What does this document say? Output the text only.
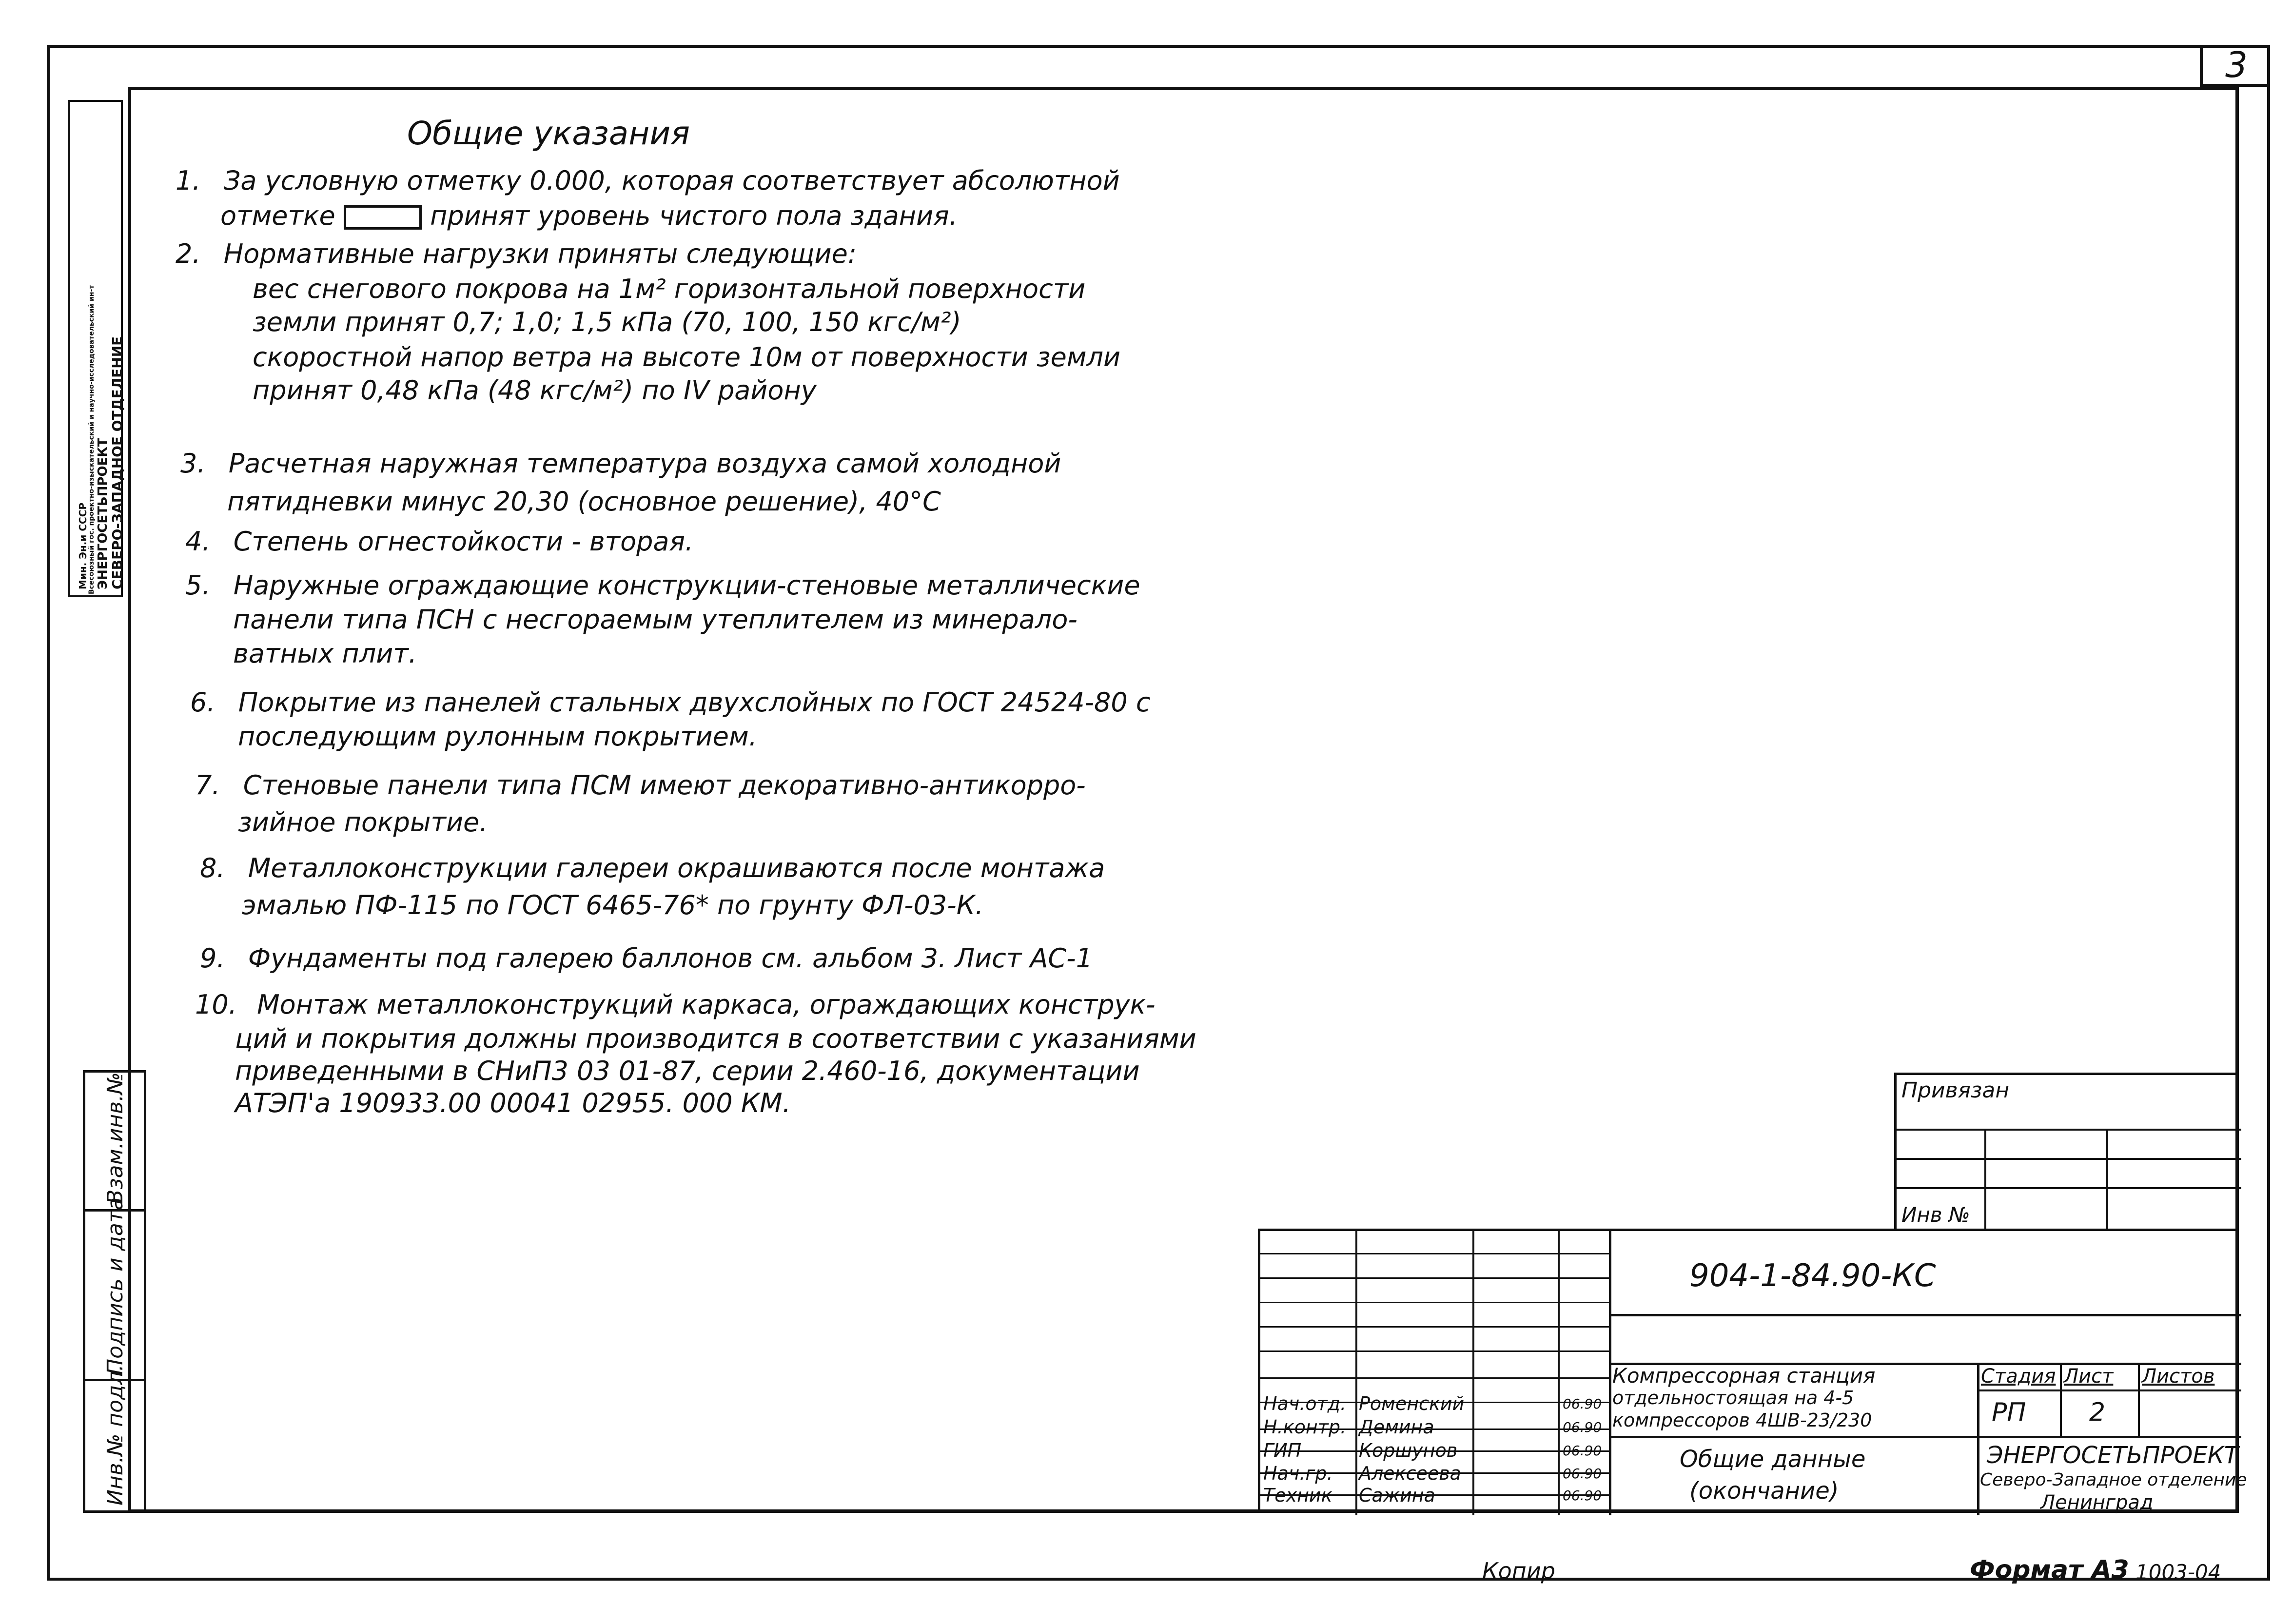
3
Мин. Эн.и СССР
Всесоюзный гос. проектно-изыскательский и научно-исследовательский ин-т ЭНЕРГОСЕТЬПРОЕКТ
СЕВЕРО-ЗАПАДНОЕ ОТДЕЛЕНИЕ
Взам.инв.№
Подпись и дата
Инв.№ подл.
Общие указания
1. За условную отметку 0.000, которая соответствует абсолютной
отметке	принят уровень чистого пола здания.
2. Нормативные нагрузки приняты следующие:
вес снегового покрова на 1м² горизонтальной поверхности
земли принят 0,7; 1,0; 1,5 кПа (70, 100, 150 кгс/м²)
скоростной напор ветра на высоте 10м от поверхности земли
принят 0,48 кПа (48 кгс/м²) по IV району
3. Расчетная наружная температура воздуха самой холодной
пятидневки минус 20,30 (основное решение), 40°С
4. Степень огнестойкости - вторая.
5. Наружные ограждающие конструкции-стеновые металлические
панели типа ПСН с несгораемым утеплителем из минерало-
ватных плит.
6. Покрытие из панелей стальных двухслойных по ГОСТ 24524-80 с
последующим рулонным покрытием.
7. Стеновые панели типа ПСМ имеют декоративно-антикорро-
зийное покрытие.
8. Металлоконструкции галереи окрашиваются после монтажа
эмалью ПФ-115 по ГОСТ 6465-76* по грунту ФЛ-03-К.
9. Фундаменты под галерею баллонов см. альбом 3. Лист АС-1
10. Монтаж металлоконструкций каркаса, ограждающих конструк-
ций и покрытия должны производится в соответствии с указаниями
приведенными в СНиП3 03 01-87, серии 2.460-16, документации
АТЭП'а 190933.00 00041 02955. 000 КМ.	Привязан
Инв №
Нач.отд. Роменский	06.90
Н.контр. Демина	06.90
ГИП	Коршунов	06.90
Нач.гр. Алексеева	06.90
Техник Сажина	06.90
904-1-84.90-КС
Компрессорная станция
отдельностоящая на 4-5
компрессоров 4ШВ-23/230
Общие данные
(окончание)
Стадия Лист Листов
РП 2
ЭНЕРГОСЕТЬПРОЕКТ
Северо-Западное отделение
Ленинград
Копир	Формат А3 1003-04
